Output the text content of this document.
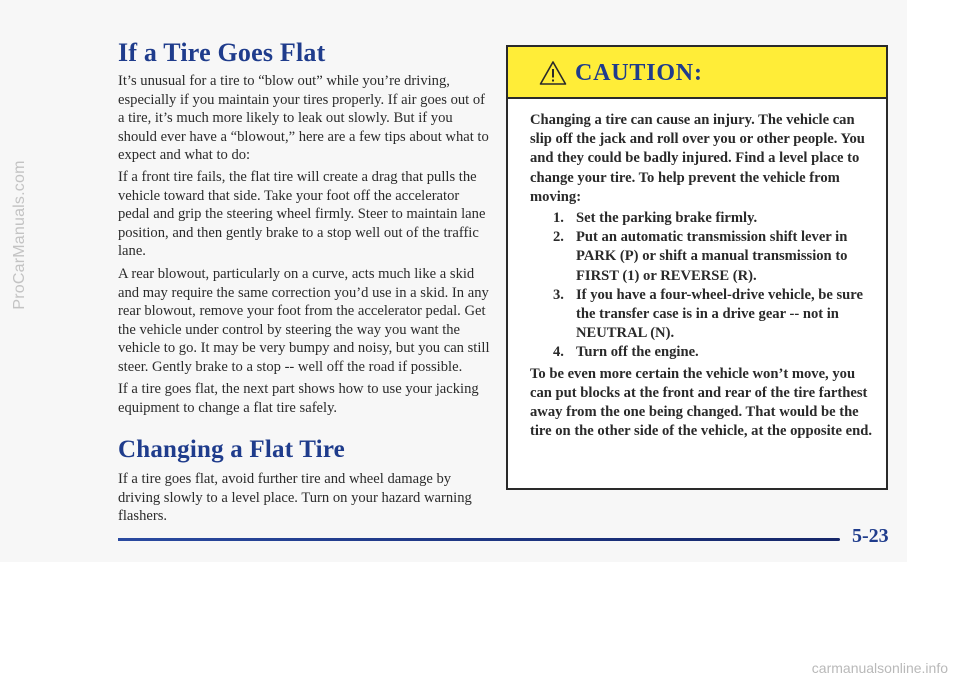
ProCarManuals.com
If a Tire Goes Flat

It’s unusual for a tire to “blow out” while you’re driving, especially if you maintain your tires properly. If air goes out of a tire, it’s much more likely to leak out slowly. But if you should ever have a “blowout,” here are a few tips about what to expect and what to do:

If a front tire fails, the flat tire will create a drag that pulls the vehicle toward that side. Take your foot off the accelerator pedal and grip the steering wheel firmly. Steer to maintain lane position, and then gently brake to a stop well out of the traffic lane.

A rear blowout, particularly on a curve, acts much like a skid and may require the same correction you’d use in a skid. In any rear blowout, remove your foot from the accelerator pedal. Get the vehicle under control by steering the way you want the vehicle to go. It may be very bumpy and noisy, but you can still steer. Gently brake to a stop -- well off the road if possible.

If a tire goes flat, the next part shows how to use your jacking equipment to change a flat tire safely.

Changing a Flat Tire

If a tire goes flat, avoid further tire and wheel damage by driving slowly to a level place. Turn on your hazard warning flashers.

CAUTION:

Changing a tire can cause an injury. The vehicle can slip off the jack and roll over you or other people. You and they could be badly injured. Find a level place to change your tire. To help prevent the vehicle from moving:

1. Set the parking brake firmly.
2. Put an automatic transmission shift lever in PARK (P) or shift a manual transmission to FIRST (1) or REVERSE (R).
3. If you have a four-wheel-drive vehicle, be sure the transfer case is in a drive gear -- not in NEUTRAL (N).
4. Turn off the engine.

To be even more certain the vehicle won’t move, you can put blocks at the front and rear of the tire farthest away from the one being changed. That would be the tire on the other side of the vehicle, at the opposite end.

5-23
carmanualsonline.info
